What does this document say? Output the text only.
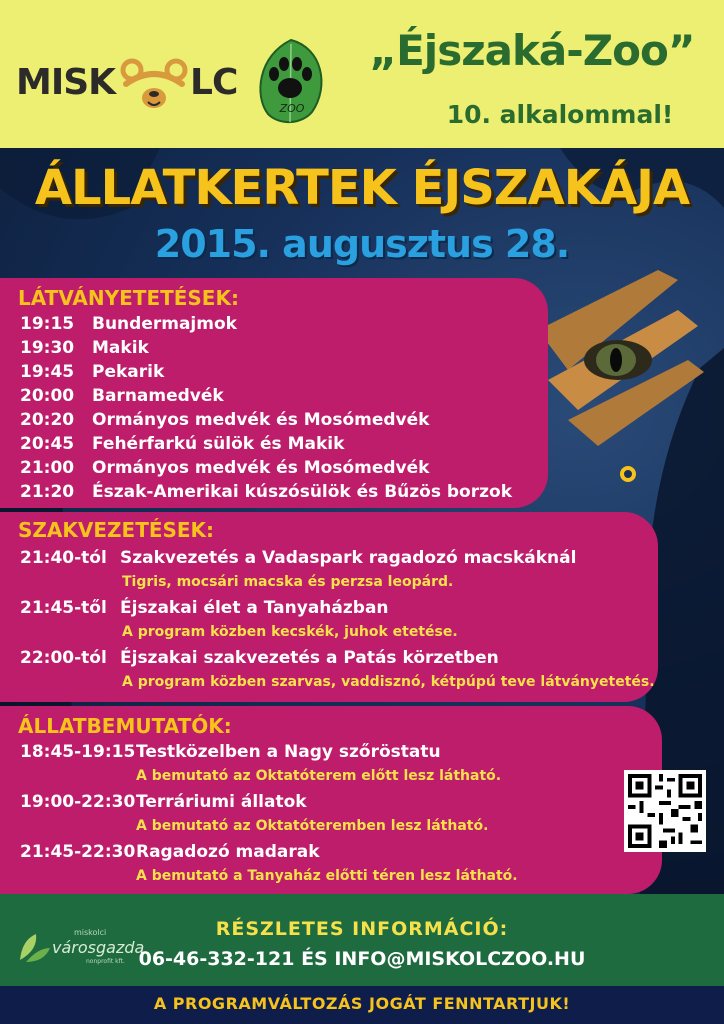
MISK LC
ZOO
„Éjszaká-Zoo”
10. alkalommal!
ÁLLATKERTEK ÉJSZAKÁJA
2015. augusztus 28.
LÁTVÁNYETETÉSEK:
19:15 Bundermajmok
19:30 Makik
19:45 Pekarik
20:00 Barnamedvék
20:20 Ormányos medvék és Mosómedvék
20:45 Fehérfarkú sülök és Makik
21:00 Ormányos medvék és Mosómedvék
21:20 Észak-Amerikai kúszósülök és Bűzös borzok
SZAKVEZETÉSEK:
21:40-tól Szakvezetés a Vadaspark ragadozó macskáknál
Tigris, mocsári macska és perzsa leopárd.
21:45-től Éjszakai élet a Tanyaházban
A program közben kecskék, juhok etetése.
22:00-tól Éjszakai szakvezetés a Patás körzetben
A program közben szarvas, vaddisznó, kétpúpú teve látványetetés.
ÁLLATBEMUTATÓK:
18:45-19:15 Testközelben a Nagy szőröstatu
A bemutató az Oktatóterem előtt lesz látható.
19:00-22:30 Terráriumi állatok
A bemutató az Oktatóteremben lesz látható.
21:45-22:30 Ragadozó madarak
A bemutató a Tanyaház előtti téren lesz látható.
miskolci
városgazda
nonprofit kft.
RÉSZLETES INFORMÁCIÓ:
06-46-332-121 ÉS INFO@MISKOLCZOO.HU
A PROGRAMVÁLTOZÁS JOGÁT FENNTARTJUK!
